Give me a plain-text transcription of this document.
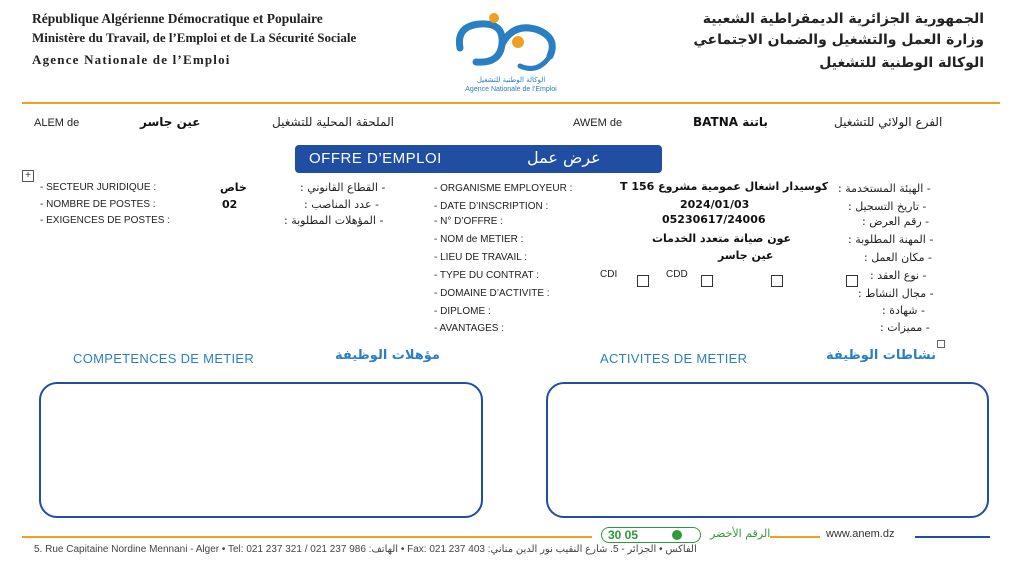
République Algérienne Démocratique et Populaire
Ministère du Travail, de l’Emploi et de La Sécurité Sociale
Agence Nationale de l’Emploi
الوكالة الوطنية للتشغيل
Agence Nationale de l’Emploi
الجمهورية الجزائرية الديمقراطية الشعبية
وزارة العمل والتشغيل والضمان الاجتماعي
الوكالة الوطنية للتشغيل
ALEM de	عين جاسر	الملحقة المحلية للتشغيل	AWEM de	BATNA باتنة	الفرع الولائي للتشغيل
OFFRE D’EMPLOI	عرض عمل
+
- SECTEUR JURIDIQUE :	خاص	- القطاع القانوني :
- NOMBRE DE POSTES :	02	- عدد المناصب :
- EXIGENCES DE POSTES :	- المؤهلات المطلوبة :
- ORGANISME EMPLOYEUR :	كوسيدار اشغال عمومية مشروع T 156 - الهيئة المستخدمة :
- DATE D’INSCRIPTION :	2024/01/03	- تاريخ التسجيل :
- N° D’OFFRE :	05230617/24006	- رقم العرض :
- NOM de METIER :	عون صيانة متعدد الخدمات	- المهنة المطلوبة :
- LIEU DE TRAVAIL :	عين جاسر	- مكان العمل :
- TYPE DU CONTRAT :	CDI	CDD	- نوع العقد :
- DOMAINE D’ACTIVITE :	- مجال النشاط :
- DIPLOME :	- شهادة :
- AVANTAGES :	- مميزات :
COMPETENCES DE METIER	مؤهلات الوظيفة	ACTIVITES DE METIER	نشاطات الوظيفة
30 05	الرقم الأخضر	www.anem.dz
5. Rue Capitaine Nordine Mennani - Alger • Tel: 021 237 321 / 021 237 986 :الهاتف • Fax: 021 237 403 :الفاكس • الجزائر - 5. شارع النقيب نور الدين مناني
